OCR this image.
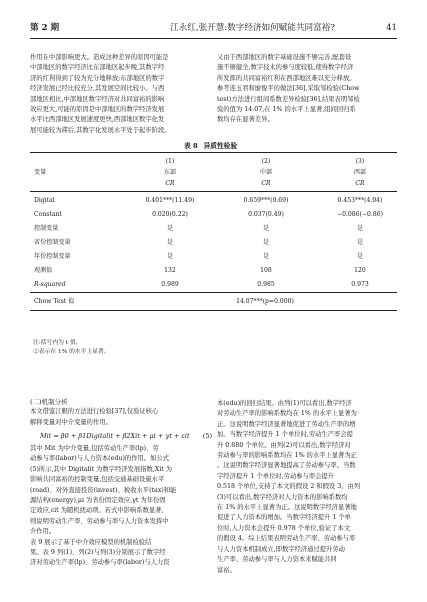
第 2 期	江永红,张开慧:数字经济如何赋能共同富裕?	41

作用在中部影响更大。造成这种差异的原因可能是

中部地区的数字经济比东部地区起步晚,其数字经

济的红利得到了较为充分地释放;东部地区的数字

经济发展已经比较充分,其发展空间比较小。与西

部地区相比,中部地区数字经济对共同富裕的影响

效应更大,可能的原因是中部地区的数字经济发展

水平比西部地区发展速度更快,西部地区数字化发

展可能较为滞后,其数字化发展水平处于起步阶段,

又由于西部地区的数字基础设施不够完善,配套设

施不够健全,数字技术的参与度较低,使得数字经济

所发挥的共同富裕红利在西部地区难以充分释放。

参考连玉君和廖俊平的做法[36],采取邹检验(Chow

test)方法进行组间系数差异检验[36],结果表明邹检

验的值为 14.07,在 1% 的水平上显著,组间回归系

数均存在显著差异。

表 8 异质性检验
(1)	(2)	(3)
变量	东部	中部	西部
CR	CR	CR
Digital	0.401***(11.49)	0.659***(9.69)	0.453***(4.94)
Constant	0.020(0.22)	0.037(0.49)	−0.086(−0.86)
控制变量	是	是	是
省份控制变量	是	是	是
年份控制变量	是	是	是
观测值	132	108	120
R-squared	0.989	0.985	0.973
Chow Test 值	14.07***(p=0.000)
注:括号内为 t 值。
②表示在 1% 的水平上显著。

(二)机制分析

本文借鉴江艇的方法进行检验[37],仅验证核心

解释变量对中介变量的作用。

Mit = β0 + β1Digitalit + β2Xit + μi + γt + εit (5)

其中 Mit 为中介变量,包括劳动生产率(lp)、劳

动参与率(labor)与人力资本(edu)的作用。如公式

(5)所示,其中 Digitalit 为数字经济发展指数,Xit 为

影响共同富裕的控制变量,包括交通基础设施水平

(road)、对外直接投资(invest)、税收水平(tax)和能

源结构(energy),μi 为省份固定效应,γt 为年份固

定效应,εit 为随机扰动项。若式中影响系数显著,

则说明劳动生产率、劳动参与率与人力资本发挥中

介作用。

表 9 展示了基于中介效应模型的机制检验结

果。表 9 列(1)、列(2)与列(3)分别展示了数字经

济对劳动生产率(lp)、劳动参与率(labor)与人力资

本(edu)的回归结果。由列(1)可以看出,数字经济

对劳动生产率的影响系数均在 1% 的水平上显著为

正。这说明数字经济显著地促进了劳动生产率的增

加。当数字经济提升 1 个单位时,劳动生产率会提

升 0.880 个单位。由列(2)可以看出,数字经济对

劳动参与率的影响系数均在 1% 的水平上显著为正

。这说明数字经济显著地提高了劳动参与率。当数

字经济提升 1 个单位时,劳动参与率会提升

0.518 个单位,支持了本文的假设 2 和假设 3。由列

(3)可以看出,数字经济对人力资本的影响系数均

在 1% 的水平上显著为正。这说明数字经济显著地

促进了人力资本的增加。当数字经济提升 1 个单

位时,人力资本会提升 0.978 个单位,验证了本文

的假设 4。综上结果表明劳动生产率、劳动参与率

与人力资本机制成立,即数字经济通过提升劳动

生产率、劳动参与率与人力资本来赋能共同

富裕。
